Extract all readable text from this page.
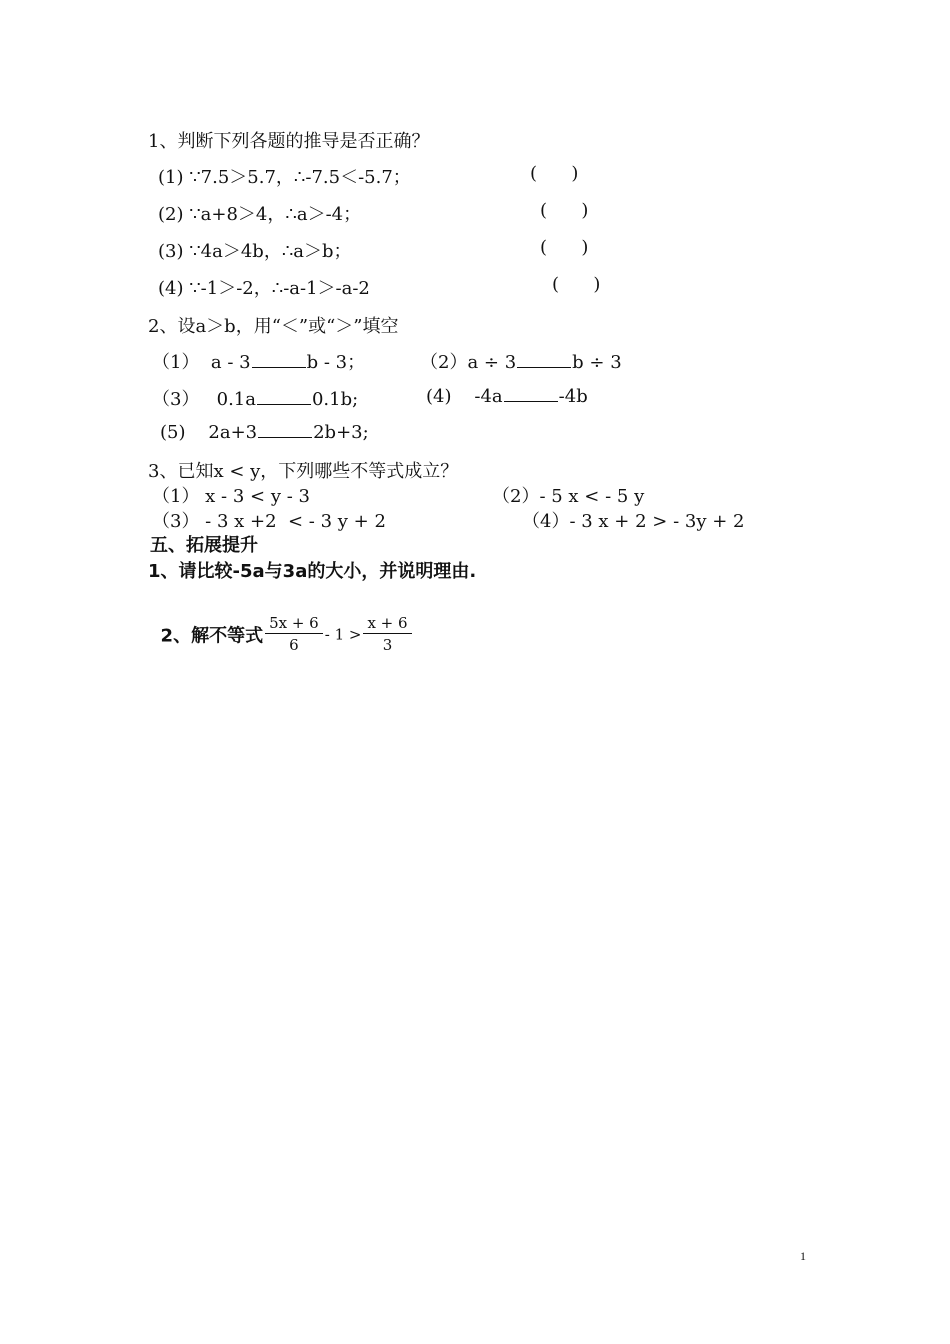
1、判断下列各题的推导是否正确？
(1) ∵7.5＞5.7，∴-7.5＜-5.7；	(      )
(2) ∵a+8＞4，∴a＞-4；	(      )
(3) ∵4a＞4b，∴a＞b；	(      )
(4) ∵-1＞-2，∴-a-1＞-a-2	(      )
2、设a＞b，用“＜”或“＞”填空
（1） a - 3	b - 3；	（2）a ÷ 3	b ÷ 3
（3） 0.1a	0.1b;	(4) -4a	-4b
(5) 2a+3	2b+3;
3、已知x < y，下列哪些不等式成立？
（1） x - 3 < y - 3	（2）- 5 x < - 5 y
（3） - 3 x +2  < - 3 y + 2	（4）- 3 x + 2 > - 3y + 2
五、拓展提升
1、请比较-5a与3a的大小，并说明理由.

2、解不等式 $\frac{5x + 6}{6} - 1 > \frac{x + 6}{3}$

1
